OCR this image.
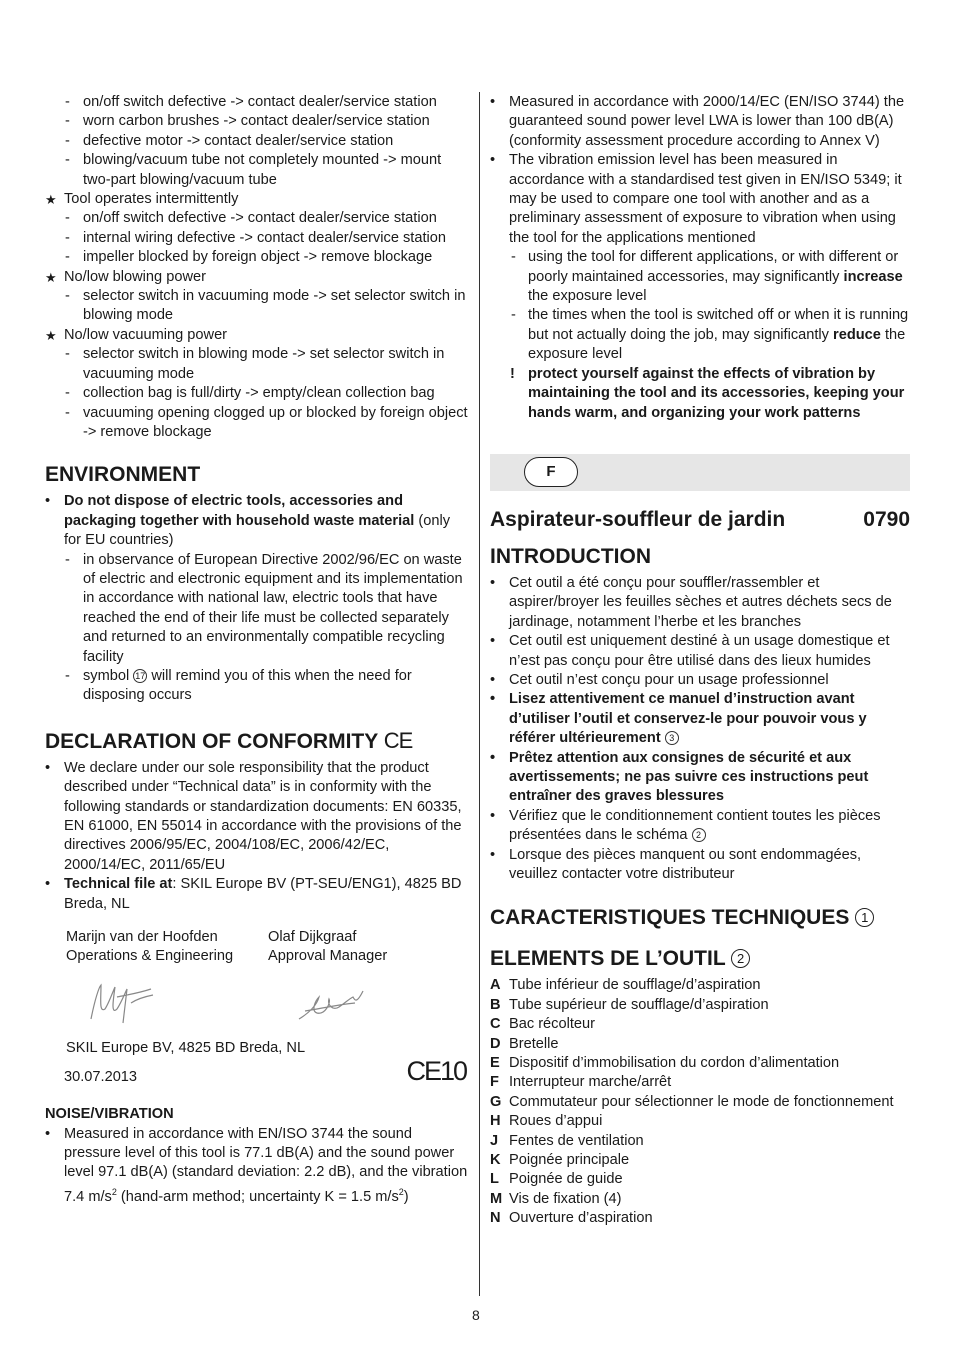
- on/off switch defective -> contact dealer/service station
- worn carbon brushes -> contact dealer/service station
- defective motor -> contact dealer/service station
- blowing/vacuum tube not completely mounted -> mount two-part blowing/vacuum tube
★ Tool operates intermittently
- on/off switch defective -> contact dealer/service station
- internal wiring defective -> contact dealer/service station
- impeller blocked by foreign object -> remove blockage
★ No/low blowing power
- selector switch in vacuuming mode -> set selector switch in blowing mode
★ No/low vacuuming power
- selector switch in blowing mode -> set selector switch in vacuuming mode
- collection bag is full/dirty -> empty/clean collection bag
- vacuuming opening clogged up or blocked by foreign object -> remove blockage
ENVIRONMENT
• Do not dispose of electric tools, accessories and packaging together with household waste material (only for EU countries)
- in observance of European Directive 2002/96/EC on waste of electric and electronic equipment and its implementation in accordance with national law, electric tools that have reached the end of their life must be collected separately and returned to an environmentally compatible recycling facility
- symbol 17 will remind you of this when the need for disposing occurs
DECLARATION OF CONFORMITY CE
• We declare under our sole responsibility that the product described under “Technical data” is in conformity with the following standards or standardization documents: EN 60335, EN 61000, EN 55014 in accordance with the provisions of the directives 2006/95/EC, 2004/108/EC, 2006/42/EC, 2000/14/EC, 2011/65/EU
• Technical file at: SKIL Europe BV (PT-SEU/ENG1), 4825 BD Breda, NL
Marijn van der Hoofden
Operations & Engineering
Olaf Dijkgraaf
Approval Manager
SKIL Europe BV, 4825 BD Breda, NL
30.07.2013	CE10
NOISE/VIBRATION
• Measured in accordance with EN/ISO 3744 the sound pressure level of this tool is 77.1 dB(A) and the sound power level 97.1 dB(A) (standard deviation: 2.2 dB), and the vibration 7.4 $m/s^2$ (hand-arm method; uncertainty K = 1.5 $m/s^2$)
• Measured in accordance with 2000/14/EC (EN/ISO 3744) the guaranteed sound power level LWA is lower than 100 dB(A) (conformity assessment procedure according to Annex V)
• The vibration emission level has been measured in accordance with a standardised test given in EN/ISO 5349; it may be used to compare one tool with another and as a preliminary assessment of exposure to vibration when using the tool for the applications mentioned
- using the tool for different applications, or with different or poorly maintained accessories, may significantly increase the exposure level
- the times when the tool is switched off or when it is running but not actually doing the job, may significantly reduce the exposure level
! protect yourself against the effects of vibration by maintaining the tool and its accessories, keeping your hands warm, and organizing your work patterns
F
Aspirateur-souffleur de jardin	0790
INTRODUCTION
• Cet outil a été conçu pour souffler/rassembler et aspirer/broyer les feuilles sèches et autres déchets secs de jardinage, notamment l’herbe et les branches
• Cet outil est uniquement destiné à un usage domestique et n’est pas conçu pour être utilisé dans des lieux humides
• Cet outil n’est conçu pour un usage professionnel
• Lisez attentivement ce manuel d’instruction avant d’utiliser l’outil et conservez-le pour pouvoir vous y référer ultérieurement 3
• Prêtez attention aux consignes de sécurité et aux avertissements; ne pas suivre ces instructions peut entraîner des graves blessures
• Vérifiez que le conditionnement contient toutes les pièces présentées dans le schéma 2
• Lorsque des pièces manquent ou sont endommagées, veuillez contacter votre distributeur
CARACTERISTIQUES TECHNIQUES 1
ELEMENTS DE L’OUTIL 2
A Tube inférieur de soufflage/d’aspiration
B Tube supérieur de soufflage/d’aspiration
C Bac récolteur
D Bretelle
E Dispositif d’immobilisation du cordon d’alimentation
F Interrupteur marche/arrêt
G Commutateur pour sélectionner le mode de fonctionnement
H Roues d’appui
J Fentes de ventilation
K Poignée principale
L Poignée de guide
M Vis de fixation (4)
N Ouverture d’aspiration
8
